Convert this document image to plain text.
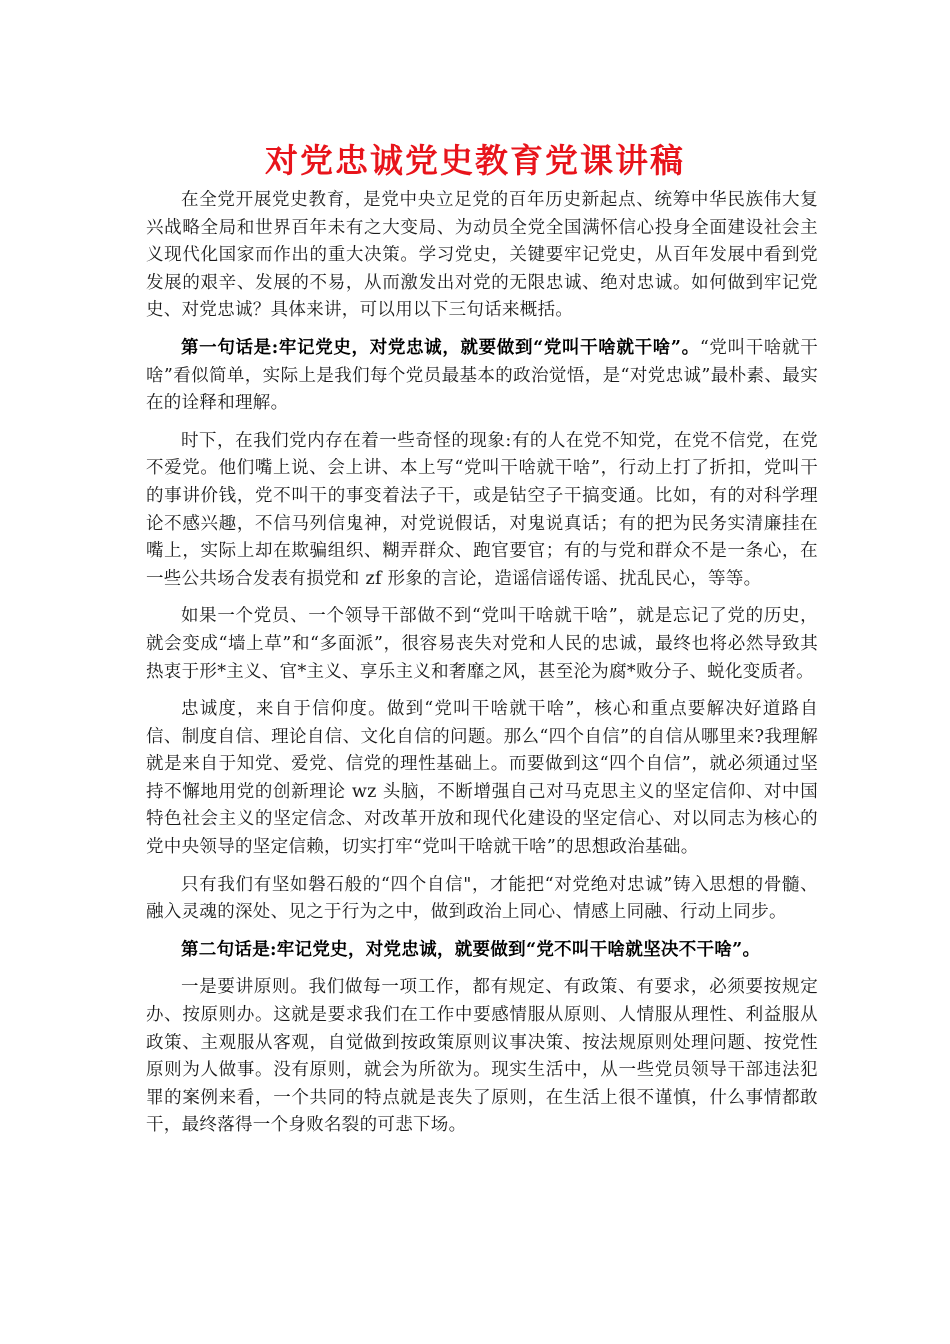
对党忠诚党史教育党课讲稿

在全党开展党史教育，是党中央立足党的百年历史新起点、统筹中华民族伟大复兴战略全局和世界百年未有之大变局、为动员全党全国满怀信心投身全面建设社会主义现代化国家而作出的重大决策。学习党史，关键要牢记党史，从百年发展中看到党发展的艰辛、发展的不易，从而激发出对党的无限忠诚、绝对忠诚。如何做到牢记党史、对党忠诚？具体来讲，可以用以下三句话来概括。

第一句话是:牢记党史，对党忠诚，就要做到“党叫干啥就干啥”。“党叫干啥就干啥”看似简单，实际上是我们每个党员最基本的政治觉悟，是“对党忠诚”最朴素、最实在的诠释和理解。

时下，在我们党内存在着一些奇怪的现象:有的人在党不知党，在党不信党，在党不爱党。他们嘴上说、会上讲、本上写“党叫干啥就干啥”，行动上打了折扣，党叫干的事讲价钱，党不叫干的事变着法子干，或是钻空子干搞变通。比如，有的对科学理论不感兴趣，不信马列信鬼神，对党说假话，对鬼说真话；有的把为民务实清廉挂在嘴上，实际上却在欺骗组织、糊弄群众、跑官要官；有的与党和群众不是一条心，在一些公共场合发表有损党和 zf 形象的言论，造谣信谣传谣、扰乱民心，等等。

如果一个党员、一个领导干部做不到“党叫干啥就干啥”，就是忘记了党的历史，就会变成“墙上草”和“多面派”，很容易丧失对党和人民的忠诚，最终也将必然导致其热衷于形*主义、官*主义、享乐主义和奢靡之风，甚至沦为腐*败分子、蜕化变质者。

忠诚度，来自于信仰度。做到“党叫干啥就干啥”，核心和重点要解决好道路自信、制度自信、理论自信、文化自信的问题。那么“四个自信”的自信从哪里来?我理解就是来自于知党、爱党、信党的理性基础上。而要做到这“四个自信”，就必须通过坚持不懈地用党的创新理论 wz 头脑，不断增强自己对马克思主义的坚定信仰、对中国特色社会主义的坚定信念、对改革开放和现代化建设的坚定信心、对以同志为核心的党中央领导的坚定信赖，切实打牢“党叫干啥就干啥”的思想政治基础。

只有我们有坚如磐石般的“四个自信"，才能把“对党绝对忠诚”铸入思想的骨髓、融入灵魂的深处、见之于行为之中，做到政治上同心、情感上同融、行动上同步。

第二句话是:牢记党史，对党忠诚，就要做到“党不叫干啥就坚决不干啥”。

一是要讲原则。我们做每一项工作，都有规定、有政策、有要求，必须要按规定办、按原则办。这就是要求我们在工作中要感情服从原则、人情服从理性、利益服从政策、主观服从客观，自觉做到按政策原则议事决策、按法规原则处理问题、按党性原则为人做事。没有原则，就会为所欲为。现实生活中，从一些党员领导干部违法犯罪的案例来看，一个共同的特点就是丧失了原则，在生活上很不谨慎，什么事情都敢干，最终落得一个身败名裂的可悲下场。
